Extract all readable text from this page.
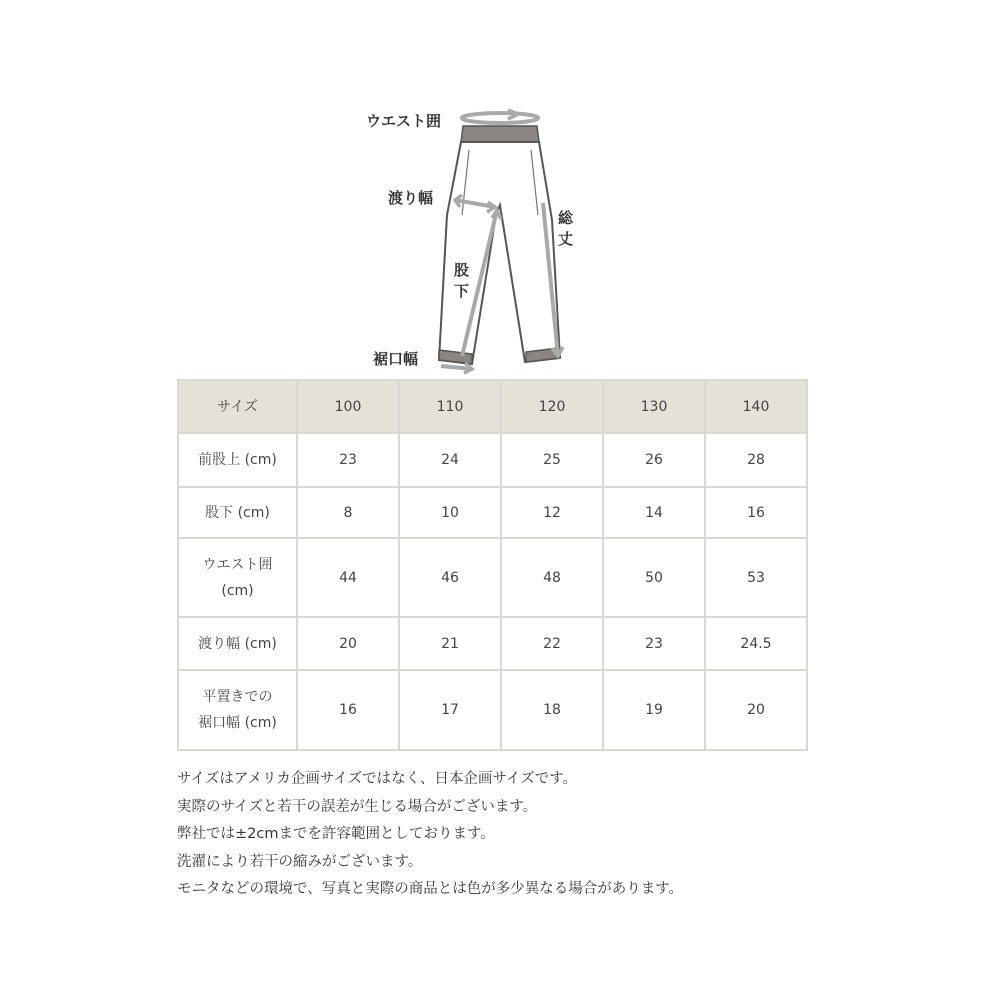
ウエスト囲
渡り幅
総丈
股下
裾口幅
サイズ	100	110	120	130	140
前股上 (cm)	23	24	25	26	28
股下 (cm)	8	10	12	14	16
ウエスト囲
(cm)	44	46	48	50	53
渡り幅 (cm)	20	21	22	23	24.5
平置きでの
裾口幅 (cm)	16	17	18	19	20
サイズはアメリカ企画サイズではなく、日本企画サイズです。
実際のサイズと若干の誤差が生じる場合がございます。
弊社では±2cmまでを許容範囲としております。
洗濯により若干の縮みがございます。
モニタなどの環境で、写真と実際の商品とは色が多少異なる場合があります。
